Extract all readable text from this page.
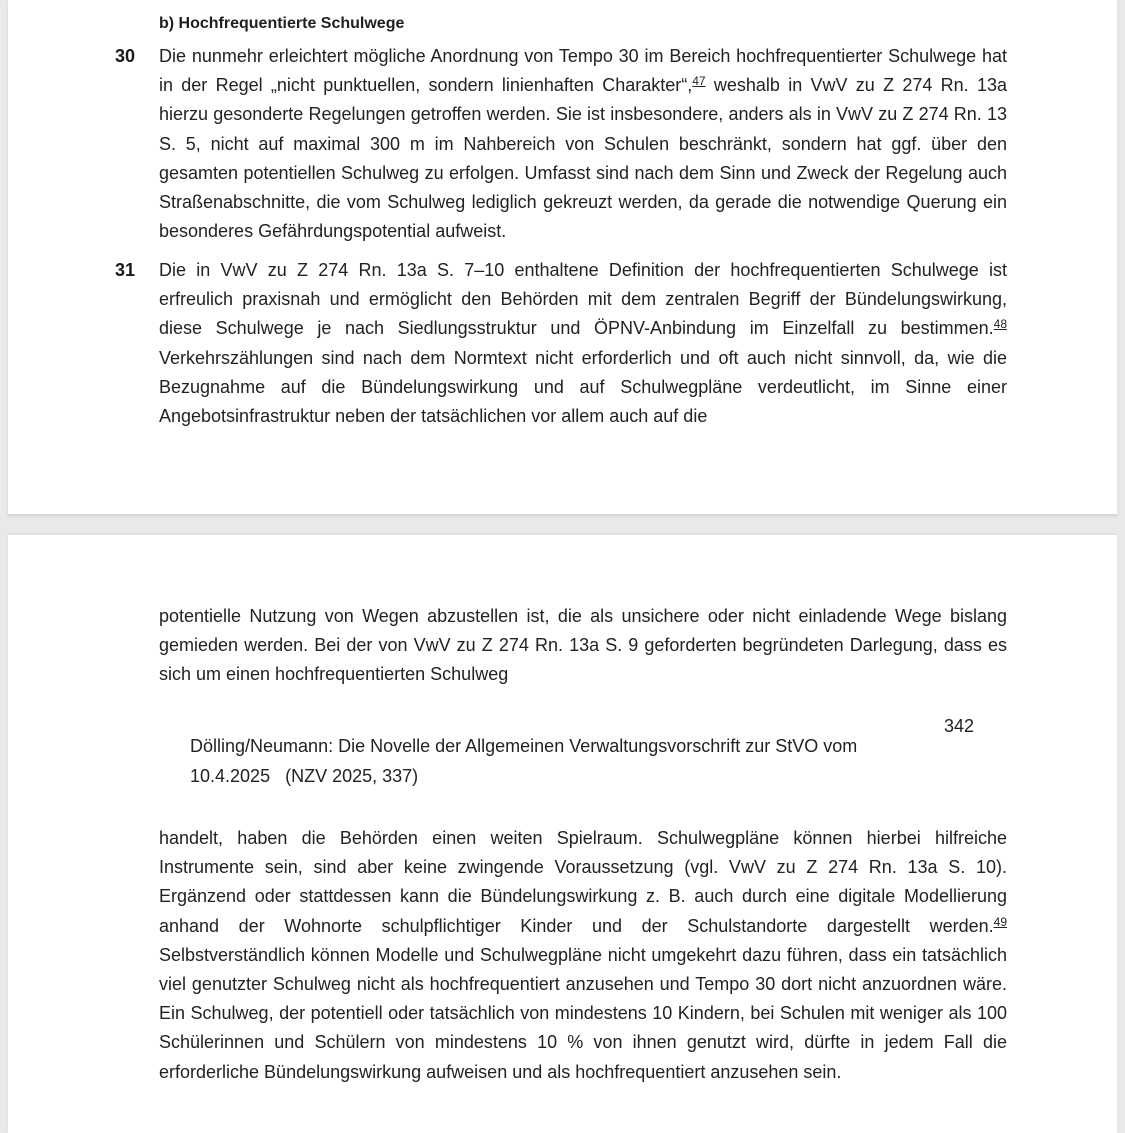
b) Hochfrequentierte Schulwege
30 Die nunmehr erleichtert mögliche Anordnung von Tempo 30 im Bereich hochfrequentierter Schulwege hat in der Regel „nicht punktuellen, sondern linienhaften Charakter“,$^{47}$ weshalb in VwV zu Z 274 Rn. 13a hierzu gesonderte Regelungen getroffen werden. Sie ist insbesondere, anders als in VwV zu Z 274 Rn. 13 S. 5, nicht auf maximal 300 m im Nahbereich von Schulen beschränkt, sondern hat ggf. über den gesamten potentiellen Schulweg zu erfolgen. Umfasst sind nach dem Sinn und Zweck der Regelung auch Straßenabschnitte, die vom Schulweg lediglich gekreuzt werden, da gerade die notwendige Querung ein besonderes Gefährdungspotential aufweist.
31 Die in VwV zu Z 274 Rn. 13a S. 7–10 enthaltene Definition der hochfrequentierten Schulwege ist erfreulich praxisnah und ermöglicht den Behörden mit dem zentralen Begriff der Bündelungswirkung, diese Schulwege je nach Siedlungsstruktur und ÖPNV-Anbindung im Einzelfall zu bestimmen.$^{48}$ Verkehrszählungen sind nach dem Normtext nicht erforderlich und oft auch nicht sinnvoll, da, wie die Bezugnahme auf die Bündelungswirkung und auf Schulwegpläne verdeutlicht, im Sinne einer Angebotsinfrastruktur neben der tatsächlichen vor allem auch auf die
potentielle Nutzung von Wegen abzustellen ist, die als unsichere oder nicht einladende Wege bislang gemieden werden. Bei der von VwV zu Z 274 Rn. 13a S. 9 geforderten begründeten Darlegung, dass es sich um einen hochfrequentierten Schulweg
342
Dölling/Neumann: Die Novelle der Allgemeinen Verwaltungsvorschrift zur StVO vom
10.4.2025   (NZV 2025, 337)
handelt, haben die Behörden einen weiten Spielraum. Schulwegpläne können hierbei hilfreiche Instrumente sein, sind aber keine zwingende Voraussetzung (vgl. VwV zu Z 274 Rn. 13a S. 10). Ergänzend oder stattdessen kann die Bündelungswirkung z. B. auch durch eine digitale Modellierung anhand der Wohnorte schulpflichtiger Kinder und der Schulstandorte dargestellt werden.$^{49}$ Selbstverständlich können Modelle und Schulwegpläne nicht umgekehrt dazu führen, dass ein tatsächlich viel genutzter Schulweg nicht als hochfrequentiert anzusehen und Tempo 30 dort nicht anzuordnen wäre. Ein Schulweg, der potentiell oder tatsächlich von mindestens 10 Kindern, bei Schulen mit weniger als 100 Schülerinnen und Schülern von mindestens 10 % von ihnen genutzt wird, dürfte in jedem Fall die erforderliche Bündelungswirkung aufweisen und als hochfrequentiert anzusehen sein.
